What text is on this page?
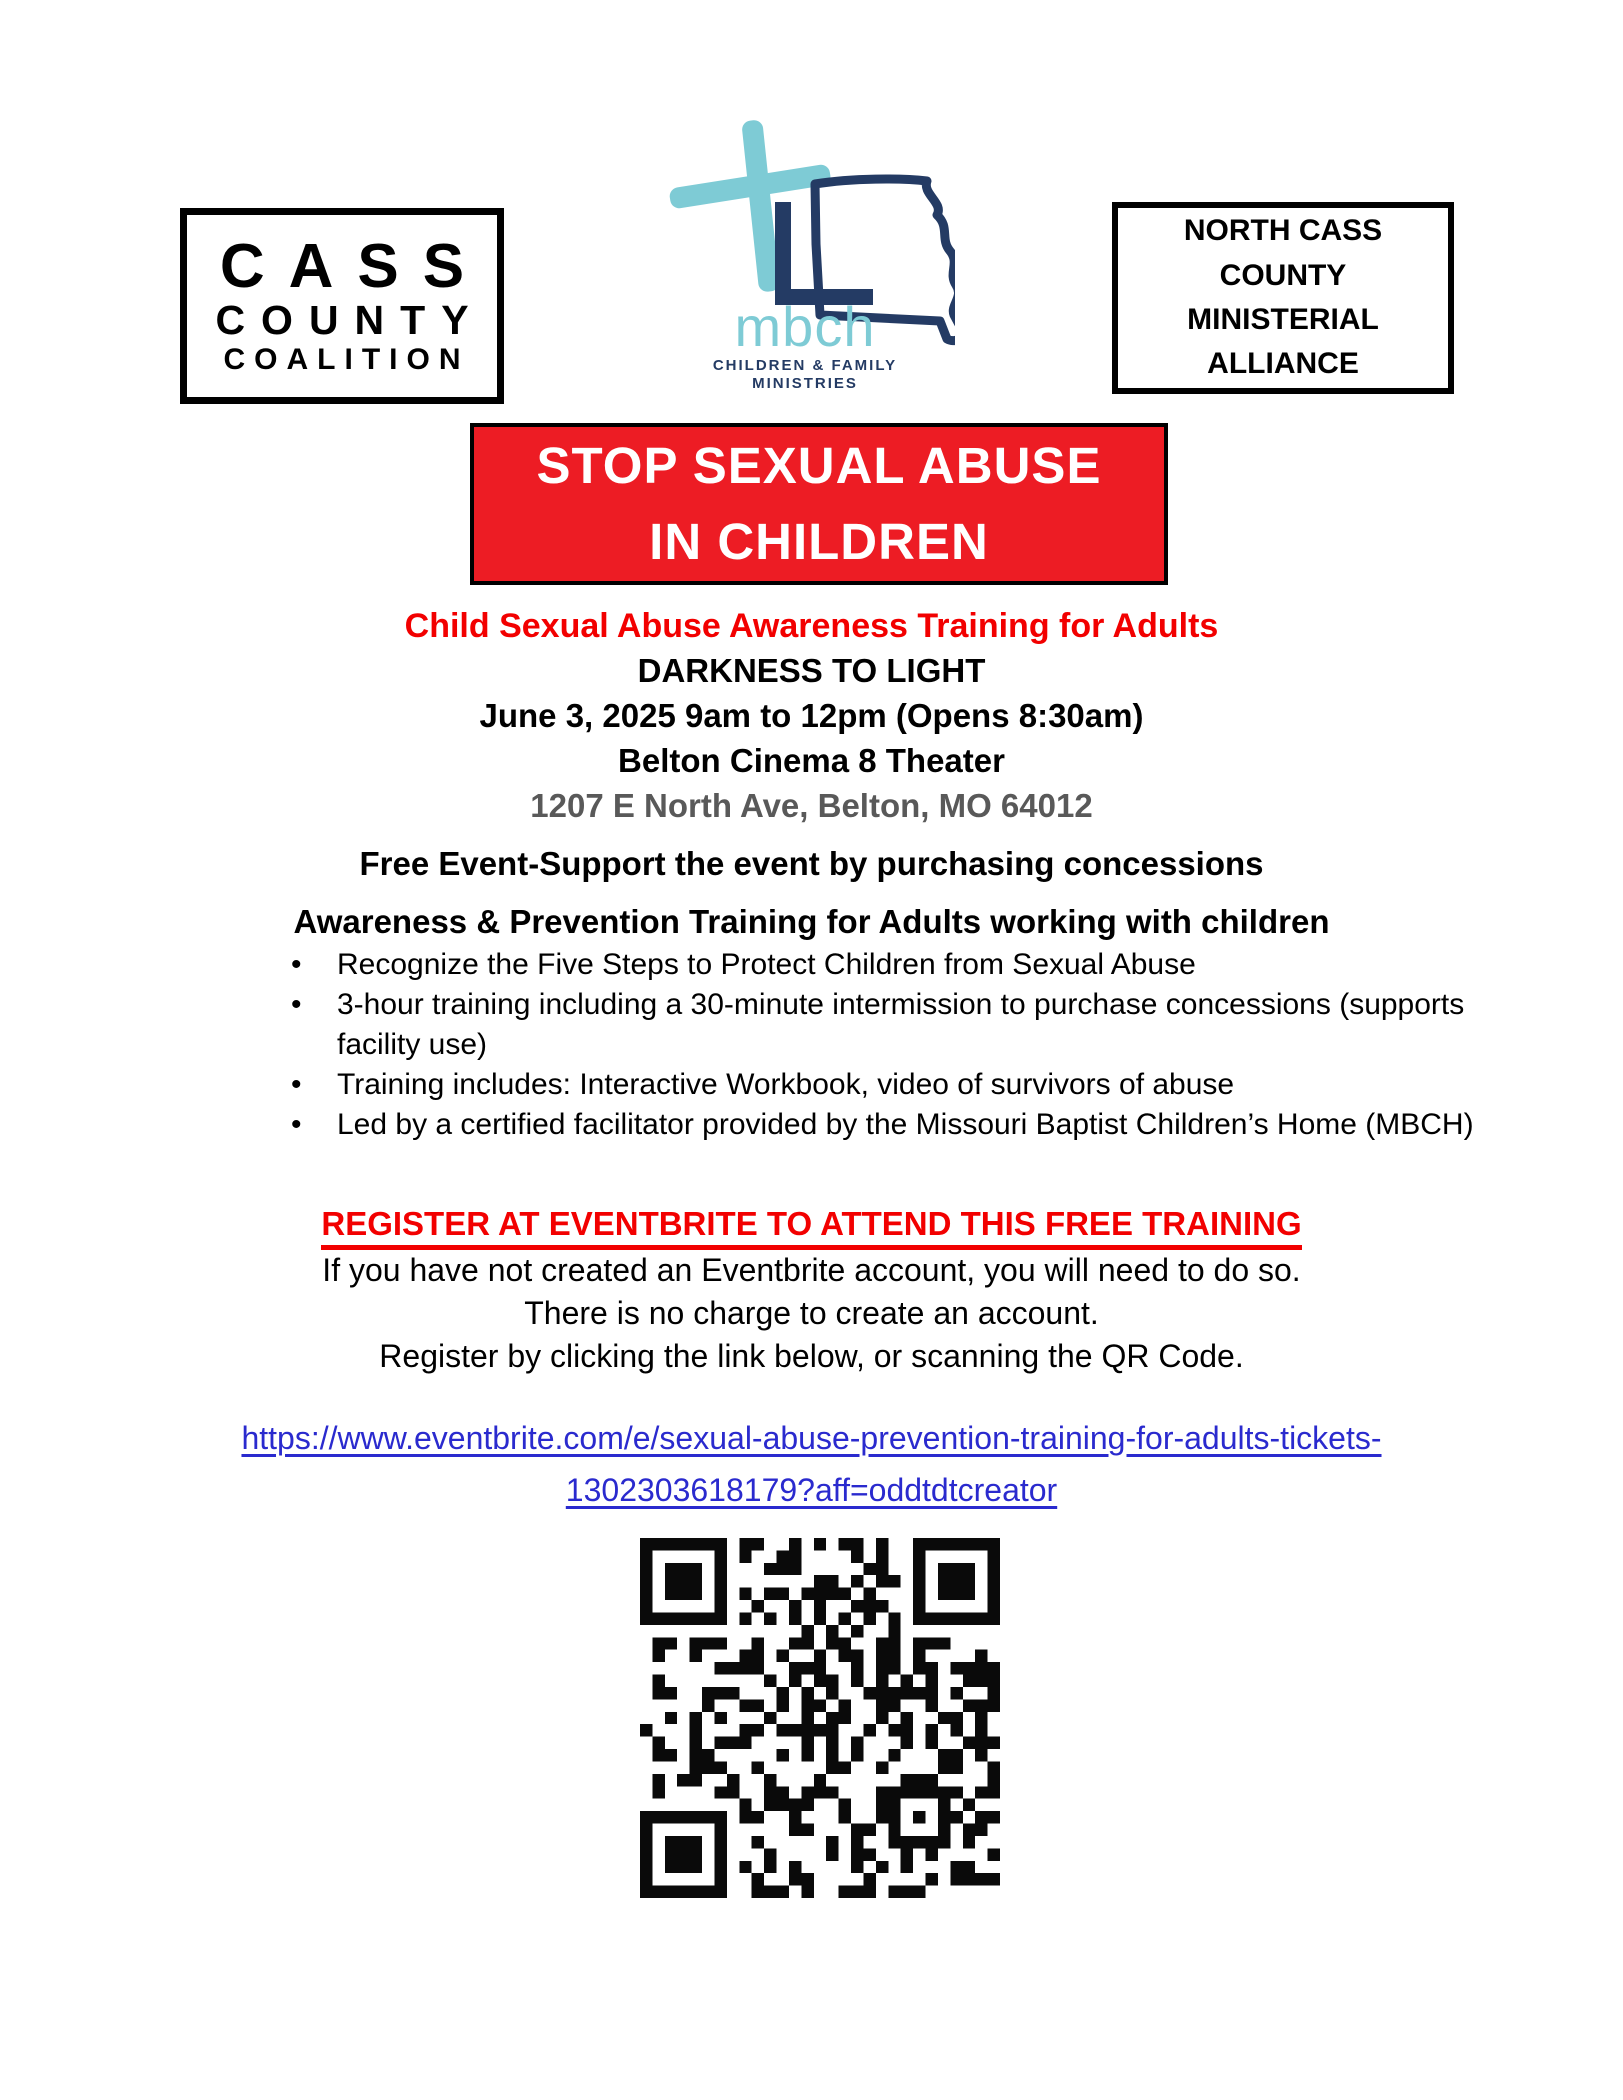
CASS
COUNTY
COALITION
mbch
CHILDREN & FAMILY
MINISTRIES
NORTH CASS
COUNTY
MINISTERIAL
ALLIANCE
STOP SEXUAL ABUSE
IN CHILDREN
Child Sexual Abuse Awareness Training for Adults
DARKNESS TO LIGHT
June 3, 2025 9am to 12pm (Opens 8:30am)
Belton Cinema 8 Theater
1207 E North Ave, Belton, MO 64012
Free Event-Support the event by purchasing concessions
Awareness & Prevention Training for Adults working with children
• Recognize the Five Steps to Protect Children from Sexual Abuse
• 3-hour training including a 30-minute intermission to purchase concessions (supports facility use)
• Training includes: Interactive Workbook, video of survivors of abuse
• Led by a certified facilitator provided by the Missouri Baptist Children’s Home (MBCH)
REGISTER AT EVENTBRITE TO ATTEND THIS FREE TRAINING
If you have not created an Eventbrite account, you will need to do so.
There is no charge to create an account.
Register by clicking the link below, or scanning the QR Code.
https://www.eventbrite.com/e/sexual-abuse-prevention-training-for-adults-tickets-
1302303618179?aff=oddtdtcreator
